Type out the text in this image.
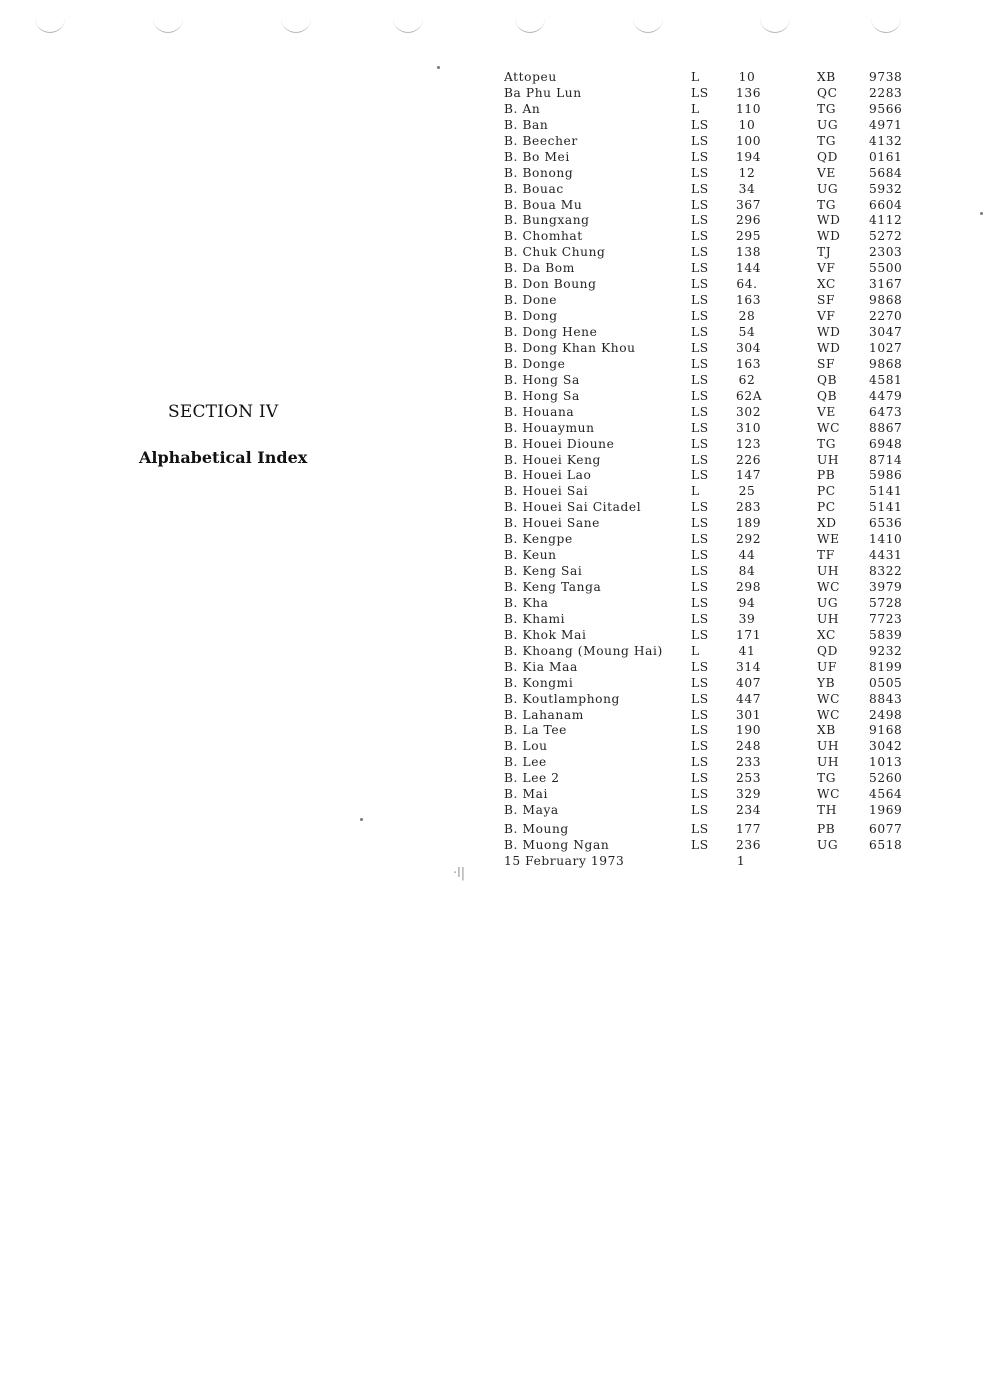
SECTION IV
Alphabetical Index
Attopeu	L	10	XB	9738
Ba Phu Lun	LS 136	QC	2283
B. An	L	110	TG	9566
B. Ban	LS 10	UG	4971
B. Beecher	LS 100	TG	4132
B. Bo Mei	LS 194	QD	0161
B. Bonong	LS 12	VE	5684
B. Bouac	LS 34	UG	5932
B. Boua Mu	LS 367	TG	6604
B. Bungxang	LS 296	WD 4112
B. Chomhat	LS 295	WD 5272
B. Chuk Chung	LS 138	TJ	2303
B. Da Bom	LS 144	VF	5500
B. Don Boung	LS 64.	XC	3167
B. Done	LS 163	SF	9868
B. Dong	LS 28	VF	2270
B. Dong Hene	LS 54	WD 3047
B. Dong Khan Khou	LS 304	WD 1027
B. Donge	LS 163	SF	9868
B. Hong Sa	LS 62	QB	4581
B. Hong Sa	LS 62A	QB	4479
B. Houana	LS 302	VE	6473
B. Houaymun	LS 310	WC 8867
B. Houei Dioune	LS 123	TG	6948
B. Houei Keng	LS 226	UH 8714
B. Houei Lao	LS 147	PB	5986
B. Houei Sai	L	25	PC	5141
B. Houei Sai Citadel	LS 283	PC	5141
B. Houei Sane	LS 189	XD	6536
B. Kengpe	LS 292	WE 1410
B. Keun	LS 44	TF	4431
B. Keng Sai	LS 84	UH 8322
B. Keng Tanga	LS 298	WC 3979
B. Kha	LS 94	UG	5728
B. Khami	LS 39	UH 7723
B. Khok Mai	LS 171	XC	5839
B. Khoang (Moung Hai) L	41	QD	9232
B. Kia Maa	LS 314	UF	8199
B. Kongmi	LS 407	YB	0505
B. Koutlamphong	LS 447	WC 8843
B. Lahanam	LS 301	WC 2498
B. La Tee	LS 190	XB	9168
B. Lou	LS 248	UH 3042
B. Lee	LS 233	UH 1013
B. Lee 2	LS 253	TG	5260
B. Mai	LS 329	WC 4564
B. Maya	LS 234	TH	1969
B. Moung	LS 177	PB	6077
B. Muong Ngan	LS 236	UG	6518
15 February 1973	1
·l|
